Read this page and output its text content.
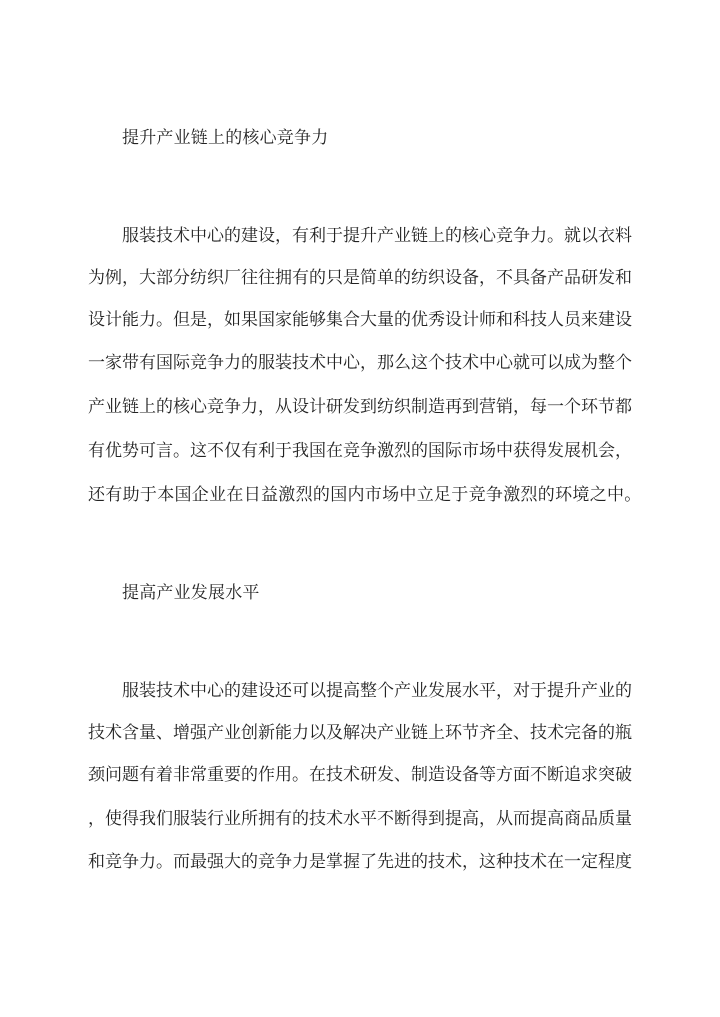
提升产业链上的核心竞争力
服装技术中心的建设，有利于提升产业链上的核心竞争力。就以衣料
为例，大部分纺织厂往往拥有的只是简单的纺织设备，不具备产品研发和
设计能力。但是，如果国家能够集合大量的优秀设计师和科技人员来建设
一家带有国际竞争力的服装技术中心，那么这个技术中心就可以成为整个
产业链上的核心竞争力，从设计研发到纺织制造再到营销，每一个环节都
有优势可言。这不仅有利于我国在竞争激烈的国际市场中获得发展机会，
还有助于本国企业在日益激烈的国内市场中立足于竞争激烈的环境之中。
提高产业发展水平
服装技术中心的建设还可以提高整个产业发展水平，对于提升产业的
技术含量、增强产业创新能力以及解决产业链上环节齐全、技术完备的瓶
颈问题有着非常重要的作用。在技术研发、制造设备等方面不断追求突破
，使得我们服装行业所拥有的技术水平不断得到提高，从而提高商品质量
和竞争力。而最强大的竞争力是掌握了先进的技术，这种技术在一定程度
